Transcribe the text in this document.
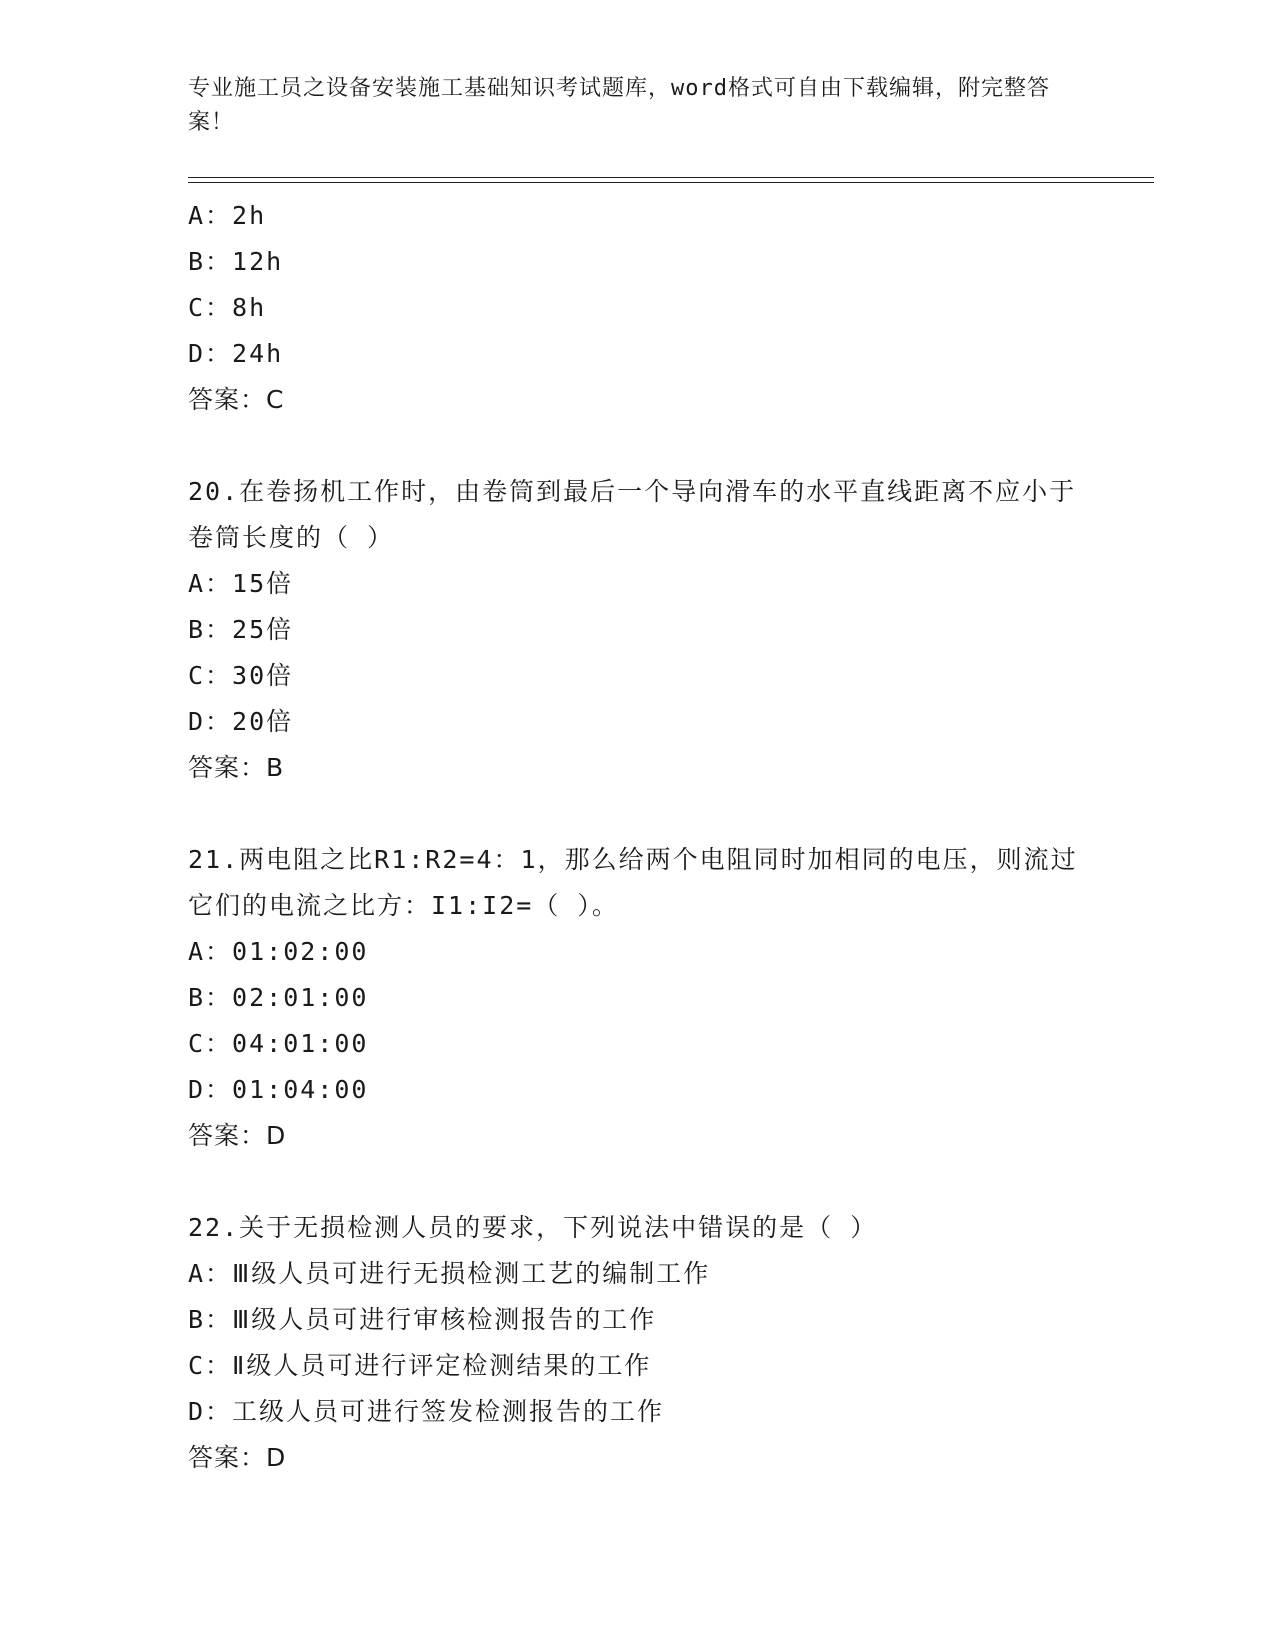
专业施工员之设备安装施工基础知识考试题库，word格式可自由下载编辑，附完整答案！
A：2h
B：12h
C：8h
D：24h
答案：C
20.在卷扬机工作时，由卷筒到最后一个导向滑车的水平直线距离不应小于卷筒长度的（ ）
A：15倍
B：25倍
C：30倍
D：20倍
答案：B
21.两电阻之比R1:R2=4：1，那么给两个电阻同时加相同的电压，则流过它们的电流之比方：I1:I2=（ ）。
A：01:02:00
B：02:01:00
C：04:01:00
D：01:04:00
答案：D
22.关于无损检测人员的要求，下列说法中错误的是（ ）
A：Ⅲ级人员可进行无损检测工艺的编制工作
B：Ⅲ级人员可进行审核检测报告的工作
C：Ⅱ级人员可进行评定检测结果的工作
D：工级人员可进行签发检测报告的工作
答案：D
